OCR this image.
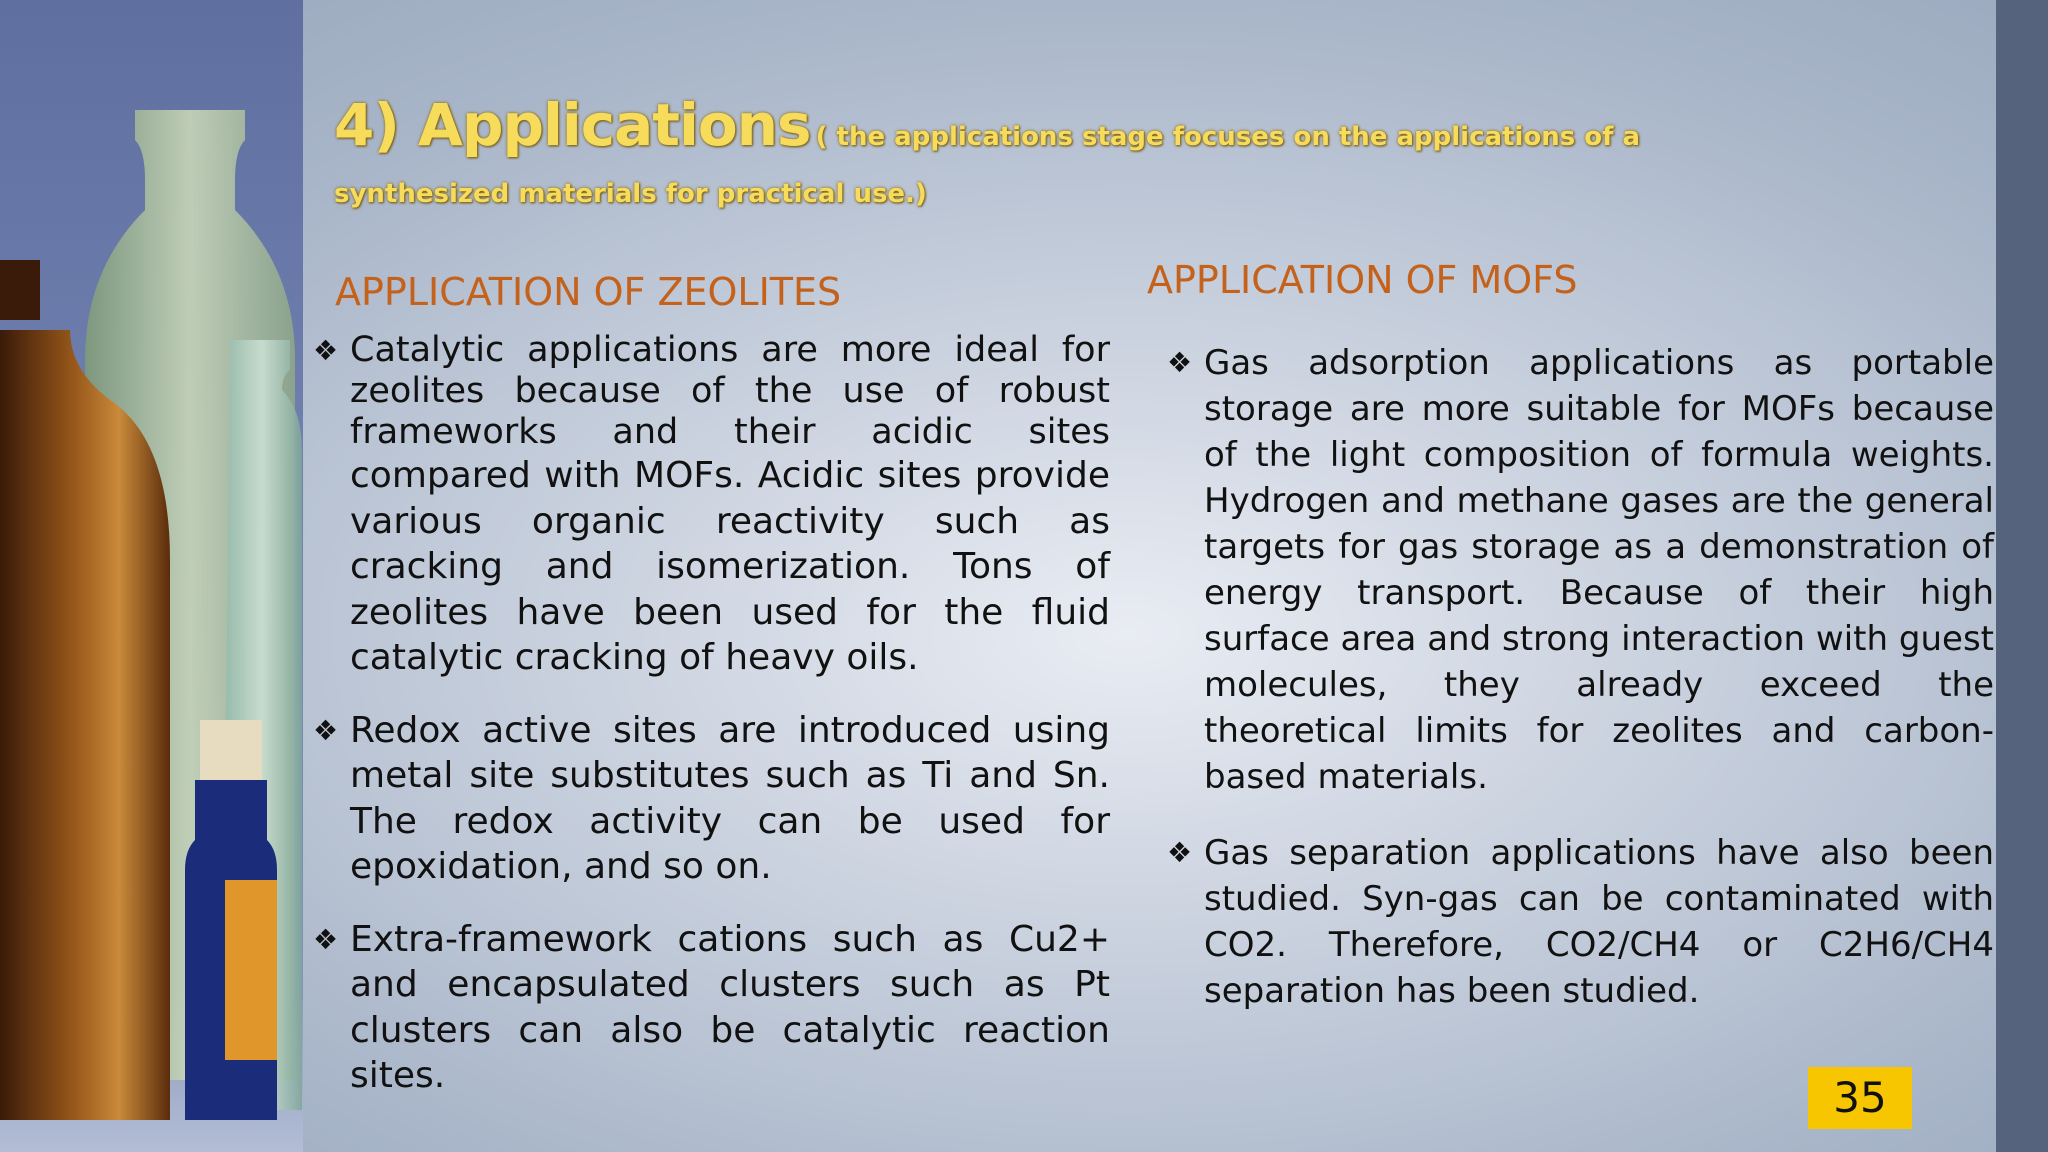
4) Applications ( the applications stage focuses on the applications of a synthesized materials for practical use.)
APPLICATION OF ZEOLITES	APPLICATION OF MOFS
❖ Catalytic applications are more ideal for zeolites because of the use of robust frameworks and their acidic sites compared with MOFs. Acidic sites provide various organic reactivity such as cracking and isomerization. Tons of zeolites have been used for the fluid catalytic cracking of heavy oils.
❖ Redox active sites are introduced using metal site substitutes such as Ti and Sn. The redox activity can be used for epoxidation, and so on.
❖ Extra-framework cations such as Cu2+ and encapsulated clusters such as Pt clusters can also be catalytic reaction sites.
❖ Gas adsorption applications as portable storage are more suitable for MOFs because of the light composition of formula weights. Hydrogen and methane gases are the general targets for gas storage as a demonstration of energy transport. Because of their high surface area and strong interaction with guest molecules, they already exceed the theoretical limits for zeolites and carbon-based materials.
❖ Gas separation applications have also been studied. Syn-gas can be contaminated with CO2. Therefore, CO2/CH4 or C2H6/CH4 separation has been studied.
35
